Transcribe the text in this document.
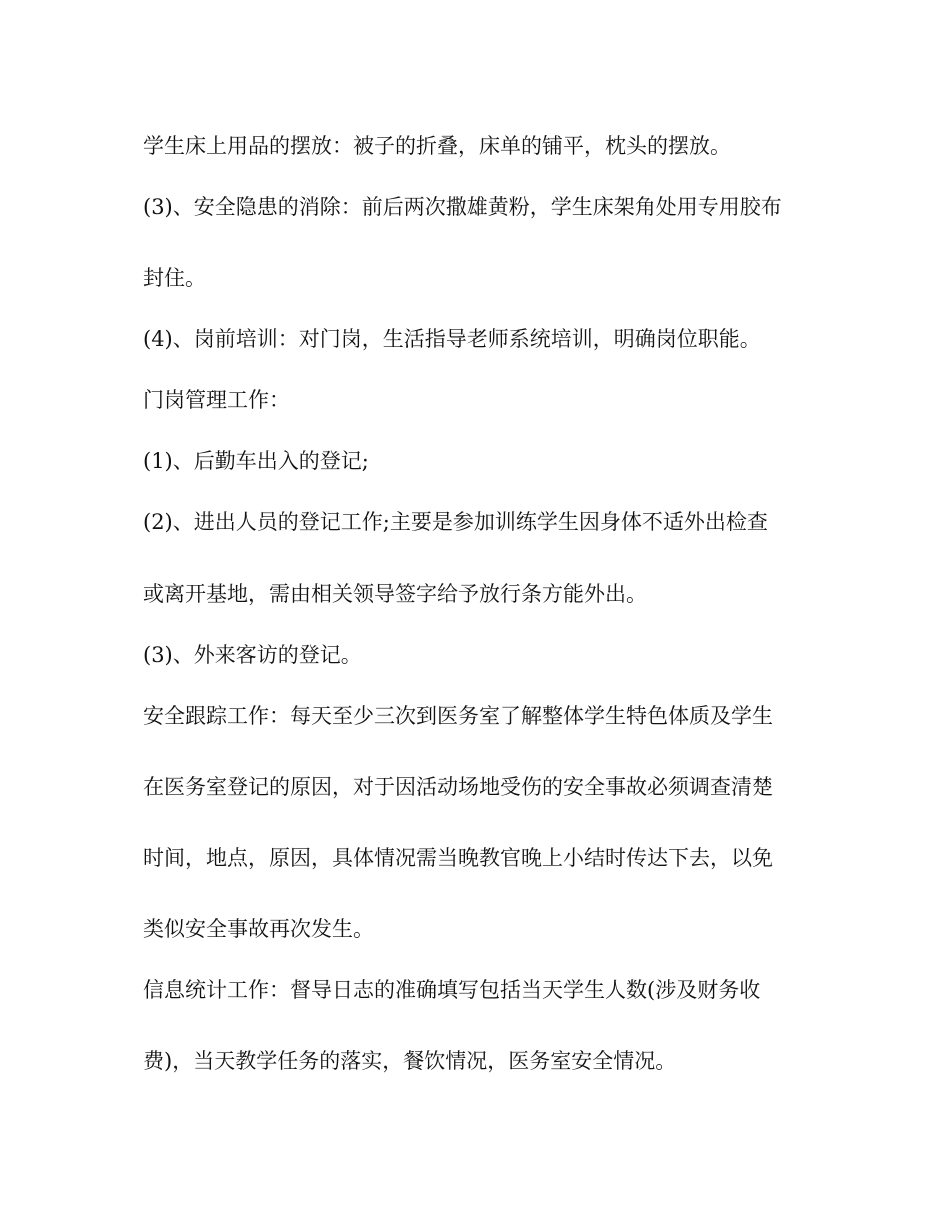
学生床上用品的摆放：被子的折叠，床单的铺平，枕头的摆放。
(3)、安全隐患的消除：前后两次撒雄黄粉，学生床架角处用专用胶布
封住。
(4)、岗前培训：对门岗，生活指导老师系统培训，明确岗位职能。
门岗管理工作：
(1)、后勤车出入的登记;
(2)、进出人员的登记工作;主要是参加训练学生因身体不适外出检查
或离开基地，需由相关领导签字给予放行条方能外出。
(3)、外来客访的登记。
安全跟踪工作：每天至少三次到医务室了解整体学生特色体质及学生
在医务室登记的原因，对于因活动场地受伤的安全事故必须调查清楚
时间，地点，原因，具体情况需当晚教官晚上小结时传达下去，以免
类似安全事故再次发生。
信息统计工作：督导日志的准确填写包括当天学生人数(涉及财务收
费)，当天教学任务的落实，餐饮情况，医务室安全情况。
